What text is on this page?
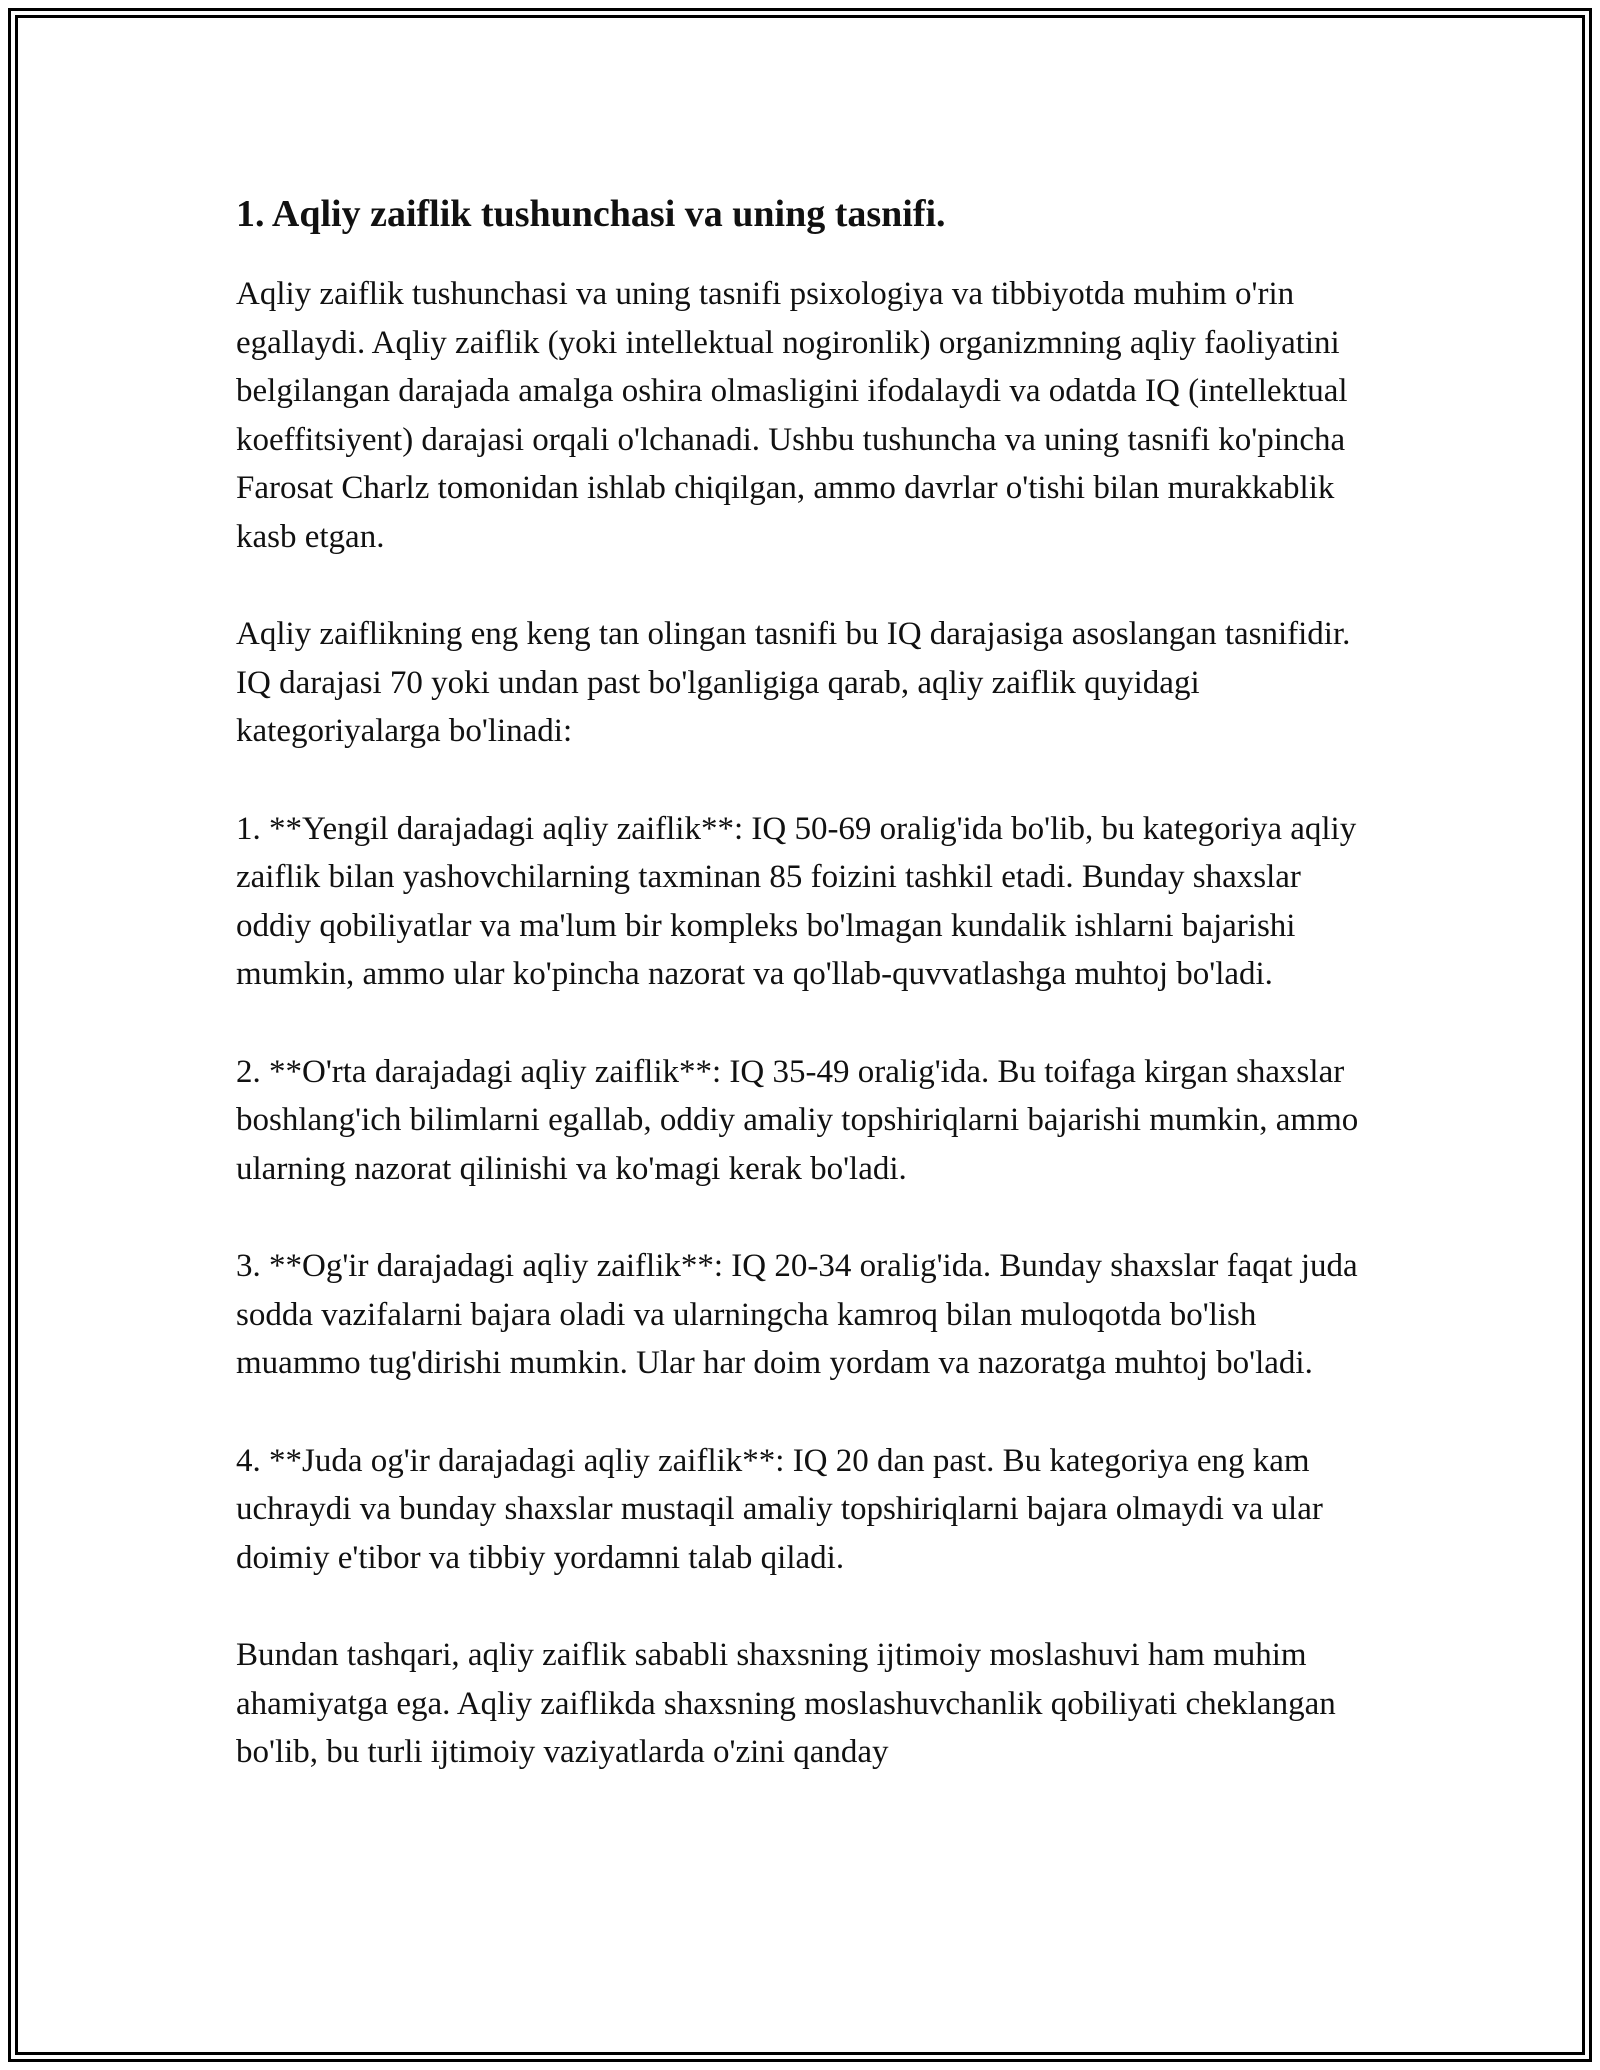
1. Aqliy zaiflik tushunchasi va uning tasnifi.

Aqliy zaiflik tushunchasi va uning tasnifi psixologiya va tibbiyotda muhim o'rin egallaydi. Aqliy zaiflik (yoki intellektual nogironlik) organizmning aqliy faoliyatini belgilangan darajada amalga oshira olmasligini ifodalaydi va odatda IQ (intellektual koeffitsiyent) darajasi orqali o'lchanadi. Ushbu tushuncha va uning tasnifi ko'pincha Farosat Charlz tomonidan ishlab chiqilgan, ammo davrlar o'tishi bilan murakkablik kasb etgan.

Aqliy zaiflikning eng keng tan olingan tasnifi bu IQ darajasiga asoslangan tasnifidir. IQ darajasi 70 yoki undan past bo'lganligiga qarab, aqliy zaiflik quyidagi kategoriyalarga bo'linadi:

1. **Yengil darajadagi aqliy zaiflik**: IQ 50-69 oralig'ida bo'lib, bu kategoriya aqliy zaiflik bilan yashovchilarning taxminan 85 foizini tashkil etadi. Bunday shaxslar oddiy qobiliyatlar va ma'lum bir kompleks bo'lmagan kundalik ishlarni bajarishi mumkin, ammo ular ko'pincha nazorat va qo'llab-quvvatlashga muhtoj bo'ladi.

2. **O'rta darajadagi aqliy zaiflik**: IQ 35-49 oralig'ida. Bu toifaga kirgan shaxslar boshlang'ich bilimlarni egallab, oddiy amaliy topshiriqlarni bajarishi mumkin, ammo ularning nazorat qilinishi va ko'magi kerak bo'ladi.

3. **Og'ir darajadagi aqliy zaiflik**: IQ 20-34 oralig'ida. Bunday shaxslar faqat juda sodda vazifalarni bajara oladi va ularningcha kamroq bilan muloqotda bo'lish muammo tug'dirishi mumkin. Ular har doim yordam va nazoratga muhtoj bo'ladi.

4. **Juda og'ir darajadagi aqliy zaiflik**: IQ 20 dan past. Bu kategoriya eng kam uchraydi va bunday shaxslar mustaqil amaliy topshiriqlarni bajara olmaydi va ular doimiy e'tibor va tibbiy yordamni talab qiladi.

Bundan tashqari, aqliy zaiflik sababli shaxsning ijtimoiy moslashuvi ham muhim ahamiyatga ega. Aqliy zaiflikda shaxsning moslashuvchanlik qobiliyati cheklangan bo'lib, bu turli ijtimoiy vaziyatlarda o'zini qanday
